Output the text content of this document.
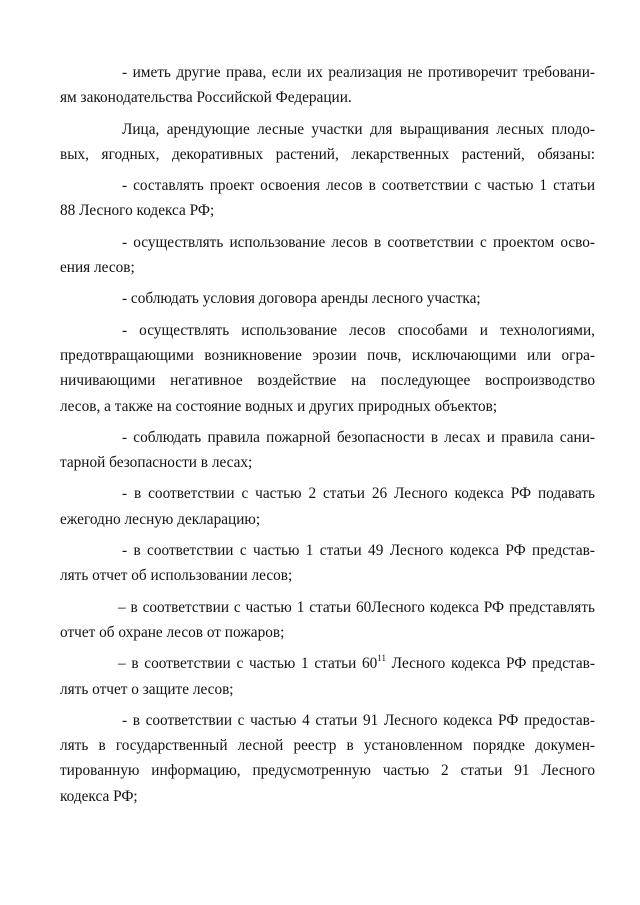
- иметь другие права, если их реализация не противоречит требовани-
ям законодательства Российской Федерации.
Лица, арендующие лесные участки для выращивания лесных плодо-
вых, ягодных, декоративных растений, лекарственных растений, обязаны:
- составлять проект освоения лесов в соответствии с частью 1 статьи
88 Лесного кодекса РФ;
- осуществлять использование лесов в соответствии с проектом осво-
ения лесов;
- соблюдать условия договора аренды лесного участка;
- осуществлять использование лесов способами и технологиями,
предотвращающими возникновение эрозии почв, исключающими или огра-
ничивающими негативное воздействие на последующее воспроизводство
лесов, а также на состояние водных и других природных объектов;
- соблюдать правила пожарной безопасности в лесах и правила сани-
тарной безопасности в лесах;
- в соответствии с частью 2 статьи 26 Лесного кодекса РФ подавать
ежегодно лесную декларацию;
- в соответствии с частью 1 статьи 49 Лесного кодекса РФ представ-
лять отчет об использовании лесов;
– в соответствии с частью 1 статьи 60Лесного кодекса РФ представлять
отчет об охране лесов от пожаров;
– в соответствии с частью 1 статьи $60^{11}$ Лесного кодекса РФ представ-
лять отчет о защите лесов;
- в соответствии с частью 4 статьи 91 Лесного кодекса РФ предостав-
лять в государственный лесной реестр в установленном порядке докумен-
тированную информацию, предусмотренную частью 2 статьи 91 Лесного
кодекса РФ;
